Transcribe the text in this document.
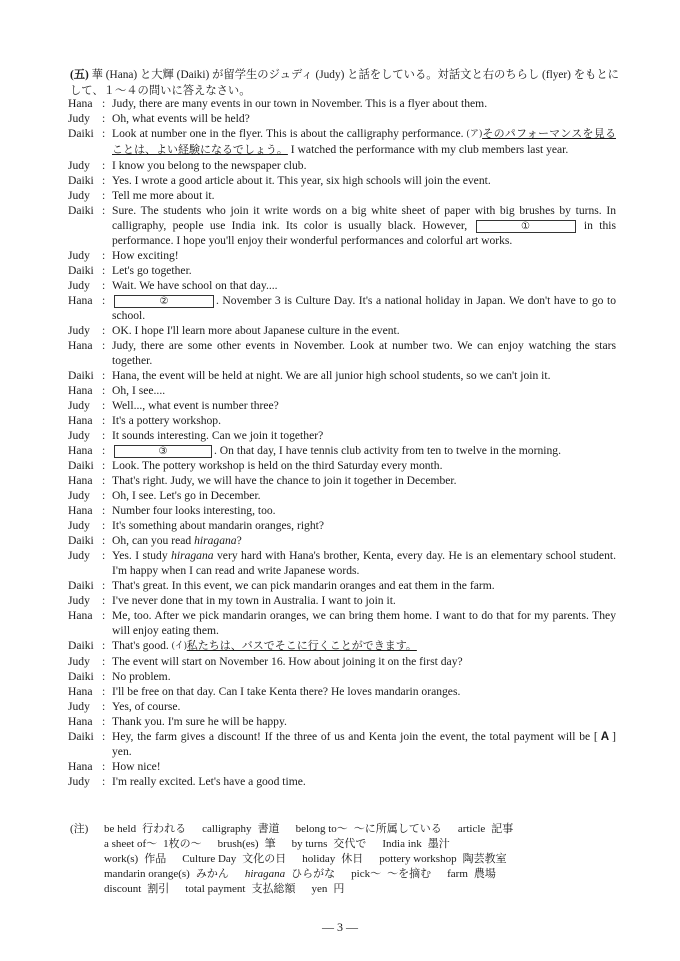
(五) 華 (Hana) と大輝 (Daiki) が留学生のジュディ (Judy) と話をしている。対話文と右のちらし (flyer) をもとにして、１～４の問いに答えなさい。
Hana : Judy, there are many events in our town in November. This is a flyer about them.
Judy	: Oh, what events will be held?
Daiki : Look at number one in the flyer. This is about the calligraphy performance. $^{(ア)}$そのパフォーマンスを見ることは、よい経験になるでしょう。 I watched the performance with my club members last year.
Judy	: I know you belong to the newspaper club.
Daiki : Yes. I wrote a good article about it. This year, six high schools will join the event.
Judy	: Tell me more about it.
Daiki : Sure. The students who join it write words on a big white sheet of paper with big brushes by turns. In calligraphy, people use India ink. Its color is usually black. However,	①	in this performance. I hope you'll enjoy their wonderful performances and colorful art works.
Judy	: How exciting!
Daiki : Let's go together.
Judy	: Wait. We have school on that day....
Hana :	②	. November 3 is Culture Day. It's a national holiday in Japan. We don't have to go to school.
Judy	: OK. I hope I'll learn more about Japanese culture in the event.
Hana : Judy, there are some other events in November. Look at number two. We can enjoy watching the stars together.
Daiki : Hana, the event will be held at night. We are all junior high school students, so we can't join it.
Hana : Oh, I see....
Judy	: Well..., what event is number three?
Hana : It's a pottery workshop.
Judy	: It sounds interesting. Can we join it together?
Hana :	③	. On that day, I have tennis club activity from ten to twelve in the morning.
Daiki : Look. The pottery workshop is held on the third Saturday every month.
Hana : That's right. Judy, we will have the chance to join it together in December.
Judy	: Oh, I see. Let's go in December.
Hana : Number four looks interesting, too.
Judy	: It's something about mandarin oranges, right?
Daiki : Oh, can you read hiragana?
Judy	: Yes. I study hiragana very hard with Hana's brother, Kenta, every day. He is an elementary school student. I'm happy when I can read and write Japanese words.
Daiki : That's great. In this event, we can pick mandarin oranges and eat them in the farm.
Judy	: I've never done that in my town in Australia. I want to join it.
Hana : Me, too. After we pick mandarin oranges, we can bring them home. I want to do that for my parents. They will enjoy eating them.
Daiki : That's good. $^{(イ)}$私たちは、バスでそこに行くことができます。
Judy	: The event will start on November 16. How about joining it on the first day?
Daiki : No problem.
Hana : I'll be free on that day. Can I take Kenta there? He loves mandarin oranges.
Judy	: Yes, of course.
Hana : Thank you. I'm sure he will be happy.
Daiki : Hey, the farm gives a discount! If the three of us and Kenta join the event, the total payment will be [ A ] yen.
Hana : How nice!
Judy	: I'm really excited. Let's have a good time.
(注) be held 行われる calligraphy 書道 belong to～ ～に所属している article 記事
a sheet of～ 1枚の～ brush(es) 筆 by turns 交代で India ink 墨汁
work(s) 作品 Culture Day 文化の日 holiday 休日 pottery workshop 陶芸教室
mandarin orange(s) みかん hiragana ひらがな pick～ ～を摘む farm 農場
discount 割引 total payment 支払総額 yen 円
— 3 —
